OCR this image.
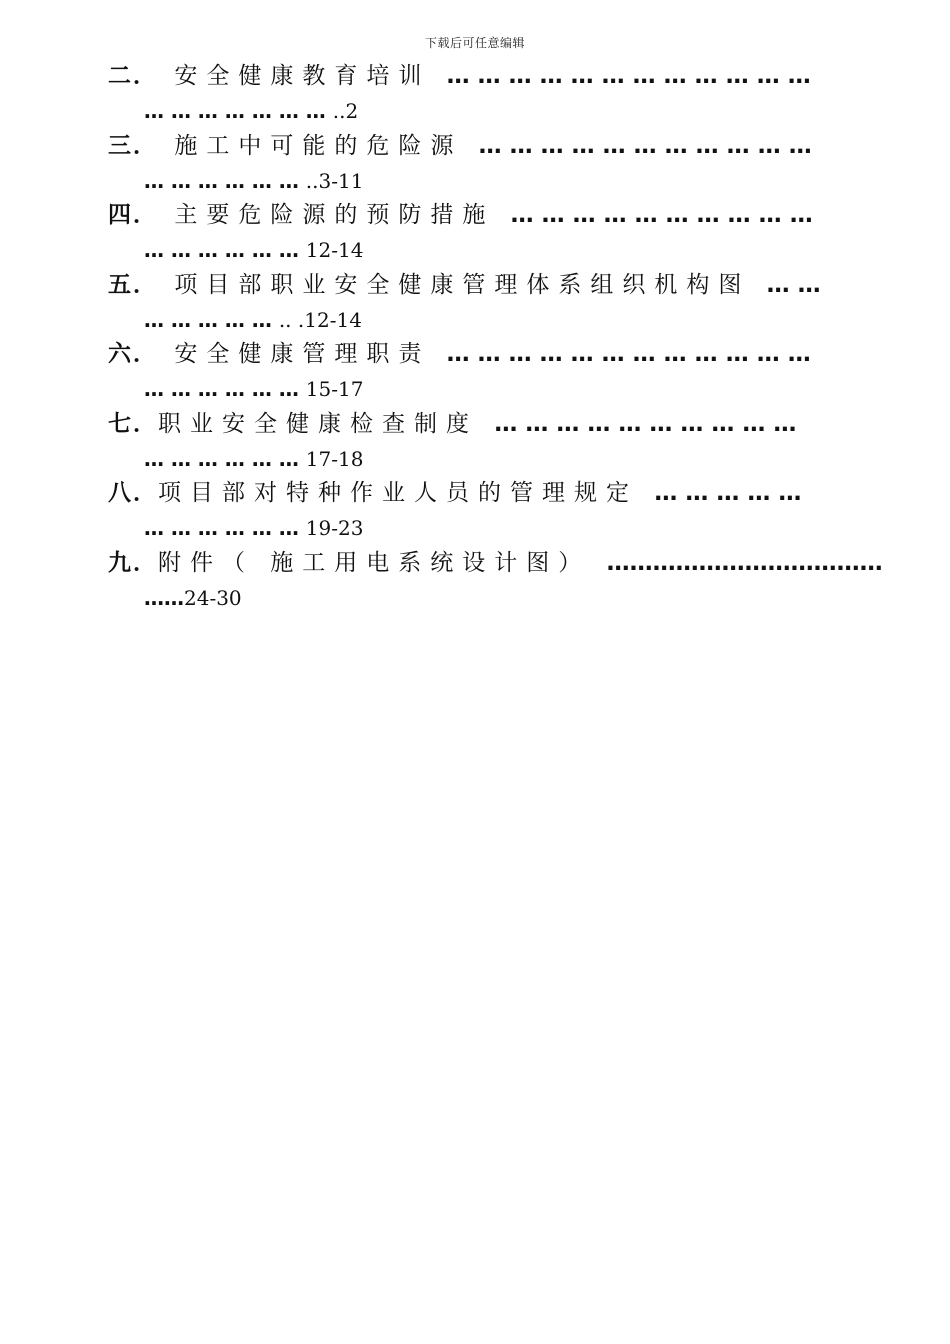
下载后可任意编辑
二． 安全健康教育培训 … … … … … … … … … … … …
… … … … … … … ..2
三． 施工中可能的危险源 … … … … … … … … … … …
… … … … … … ..3-11
四． 主要危险源的预防措施 … … … … … … … … … …
… … … … … … 12-14
五． 项目部职业安全健康管理体系组织机构图 … …
… … … … … .. .12-14
六． 安全健康管理职责 … … … … … … … … … … … …
… … … … … … 15-17
七．职业安全健康检查制度 … … … … … … … … … …
… … … … … … 17-18
八．项目部对特种作业人员的管理规定 … … … … …
… … … … … … 19-23
九．附件（ 施工用电系统设计图） ………………………………
……24-30
